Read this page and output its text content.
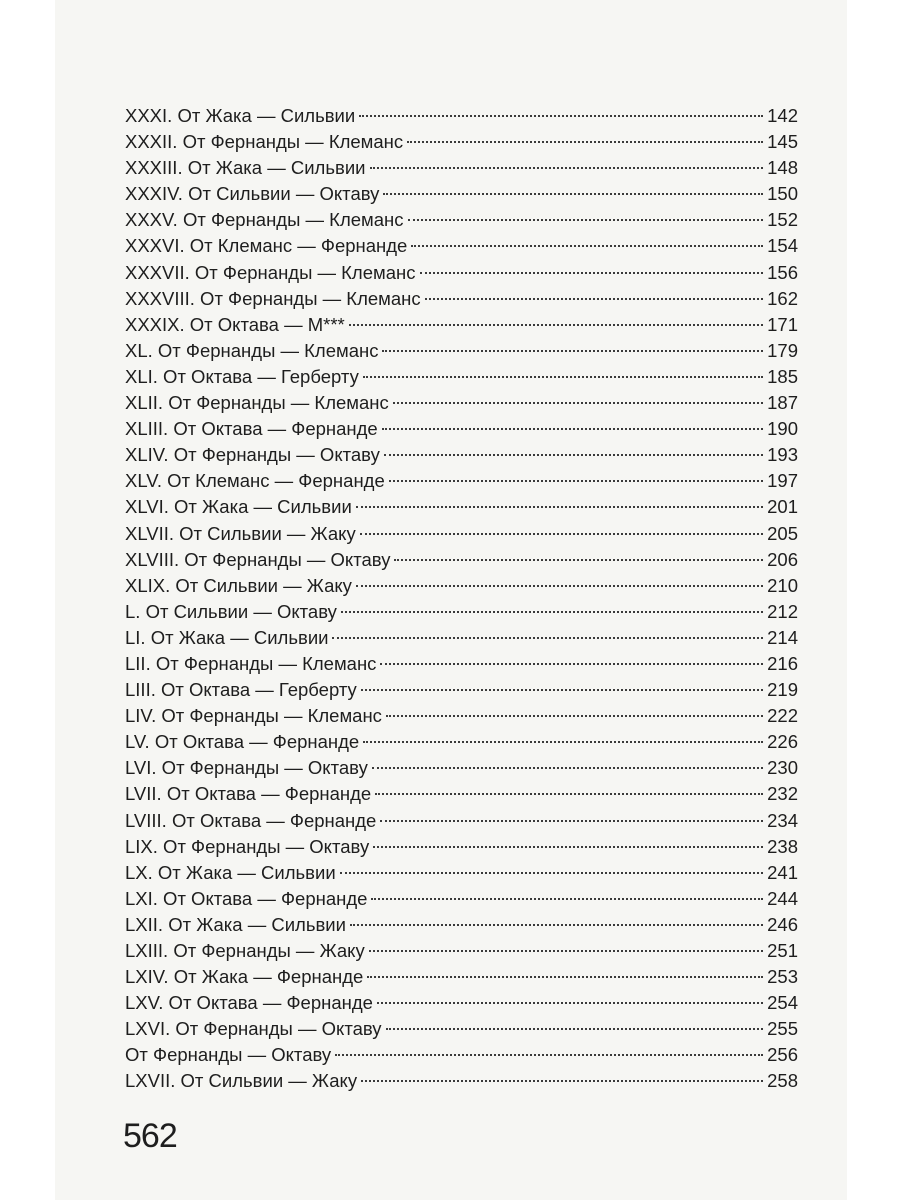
XXXI. От Жака — Сильвии	142
XXXII. От Фернанды — Клеманс	145
XXXIII. От Жака — Сильвии	148
XXXIV. От Сильвии — Октаву	150
XXXV. От Фернанды — Клеманс	152
XXXVI. От Клеманс — Фернанде	154
XXXVII. От Фернанды — Клеманс	156
XXXVIII. От Фернанды — Клеманс	162
XXXIX. От Октава — М***	171
XL. От Фернанды — Клеманс	179
XLI. От Октава — Герберту	185
XLII. От Фернанды — Клеманс	187
XLIII. От Октава — Фернанде	190
XLIV. От Фернанды — Октаву	193
XLV. От Клеманс — Фернанде	197
XLVI. От Жака — Сильвии	201
XLVII. От Сильвии — Жаку	205
XLVIII. От Фернанды — Октаву	206
XLIX. От Сильвии — Жаку	210
L. От Сильвии — Октаву	212
LI. От Жака — Сильвии	214
LII. От Фернанды — Клеманс	216
LIII. От Октава — Герберту	219
LIV. От Фернанды — Клеманс	222
LV. От Октава — Фернанде	226
LVI. От Фернанды — Октаву	230
LVII. От Октава — Фернанде	232
LVIII. От Октава — Фернанде	234
LIX. От Фернанды — Октаву	238
LX. От Жака — Сильвии	241
LXI. От Октава — Фернанде	244
LXII. От Жака — Сильвии	246
LXIII. От Фернанды — Жаку	251
LXIV. От Жака — Фернанде	253
LXV. От Октава — Фернанде	254
LXVI. От Фернанды — Октаву	255
От Фернанды — Октаву	256
LXVII. От Сильвии — Жаку	258
562
